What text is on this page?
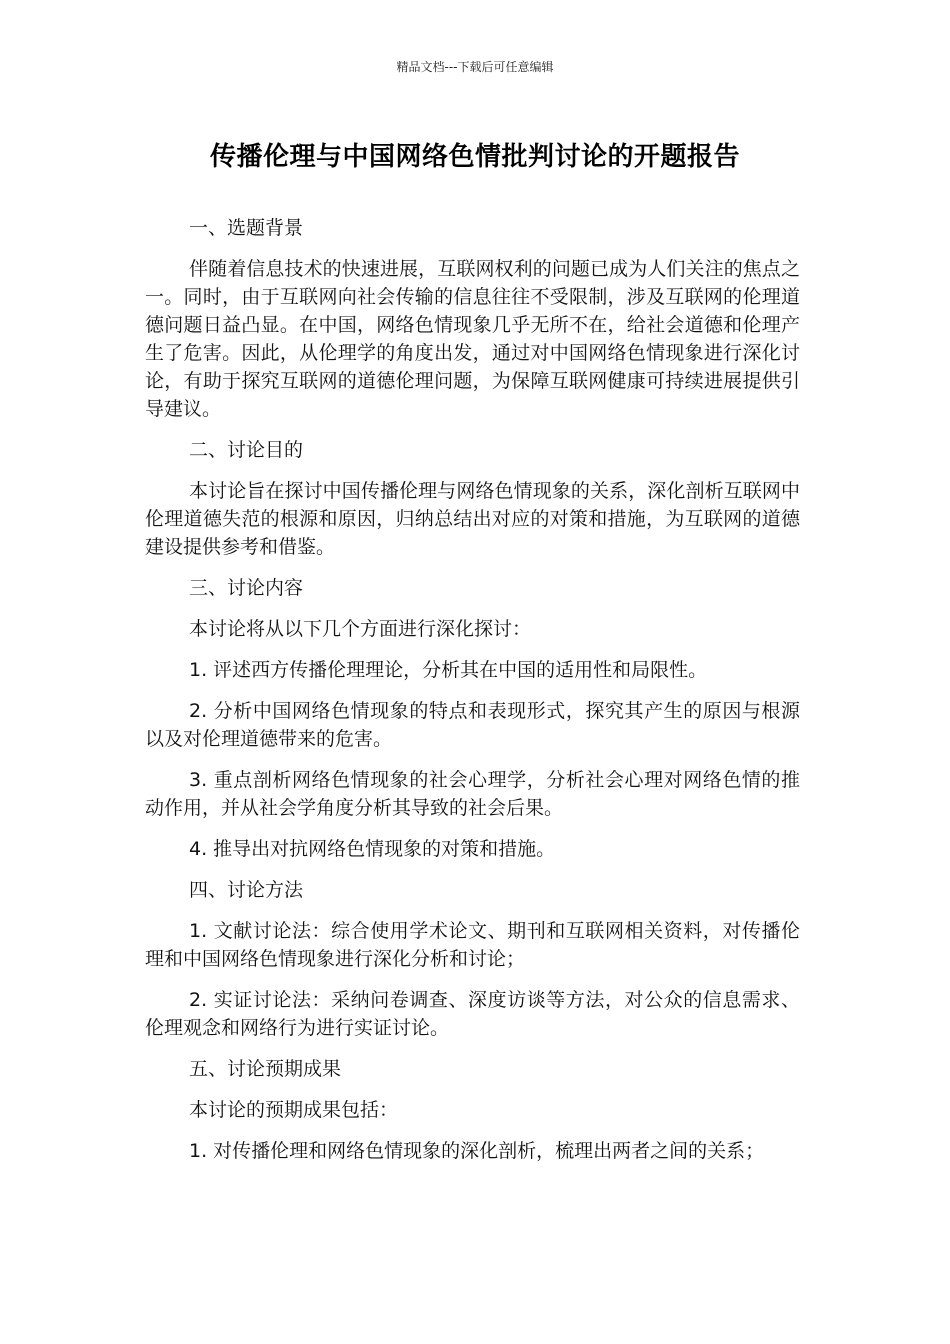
精品文档---下载后可任意编辑
传播伦理与中国网络色情批判讨论的开题报告

一、选题背景

伴随着信息技术的快速进展，互联网权利的问题已成为人们关注的焦点之一。同时，由于互联网向社会传输的信息往往不受限制，涉及互联网的伦理道德问题日益凸显。在中国，网络色情现象几乎无所不在，给社会道德和伦理产生了危害。因此，从伦理学的角度出发，通过对中国网络色情现象进行深化讨论，有助于探究互联网的道德伦理问题，为保障互联网健康可持续进展提供引导建议。

二、讨论目的

本讨论旨在探讨中国传播伦理与网络色情现象的关系，深化剖析互联网中伦理道德失范的根源和原因，归纳总结出对应的对策和措施，为互联网的道德建设提供参考和借鉴。

三、讨论内容

本讨论将从以下几个方面进行深化探讨：

1. 评述西方传播伦理理论，分析其在中国的适用性和局限性。

2. 分析中国网络色情现象的特点和表现形式，探究其产生的原因与根源以及对伦理道德带来的危害。

3. 重点剖析网络色情现象的社会心理学，分析社会心理对网络色情的推动作用，并从社会学角度分析其导致的社会后果。

4. 推导出对抗网络色情现象的对策和措施。

四、讨论方法

1. 文献讨论法：综合使用学术论文、期刊和互联网相关资料，对传播伦理和中国网络色情现象进行深化分析和讨论；

2. 实证讨论法：采纳问卷调查、深度访谈等方法，对公众的信息需求、伦理观念和网络行为进行实证讨论。

五、讨论预期成果

本讨论的预期成果包括：

1. 对传播伦理和网络色情现象的深化剖析，梳理出两者之间的关系；
